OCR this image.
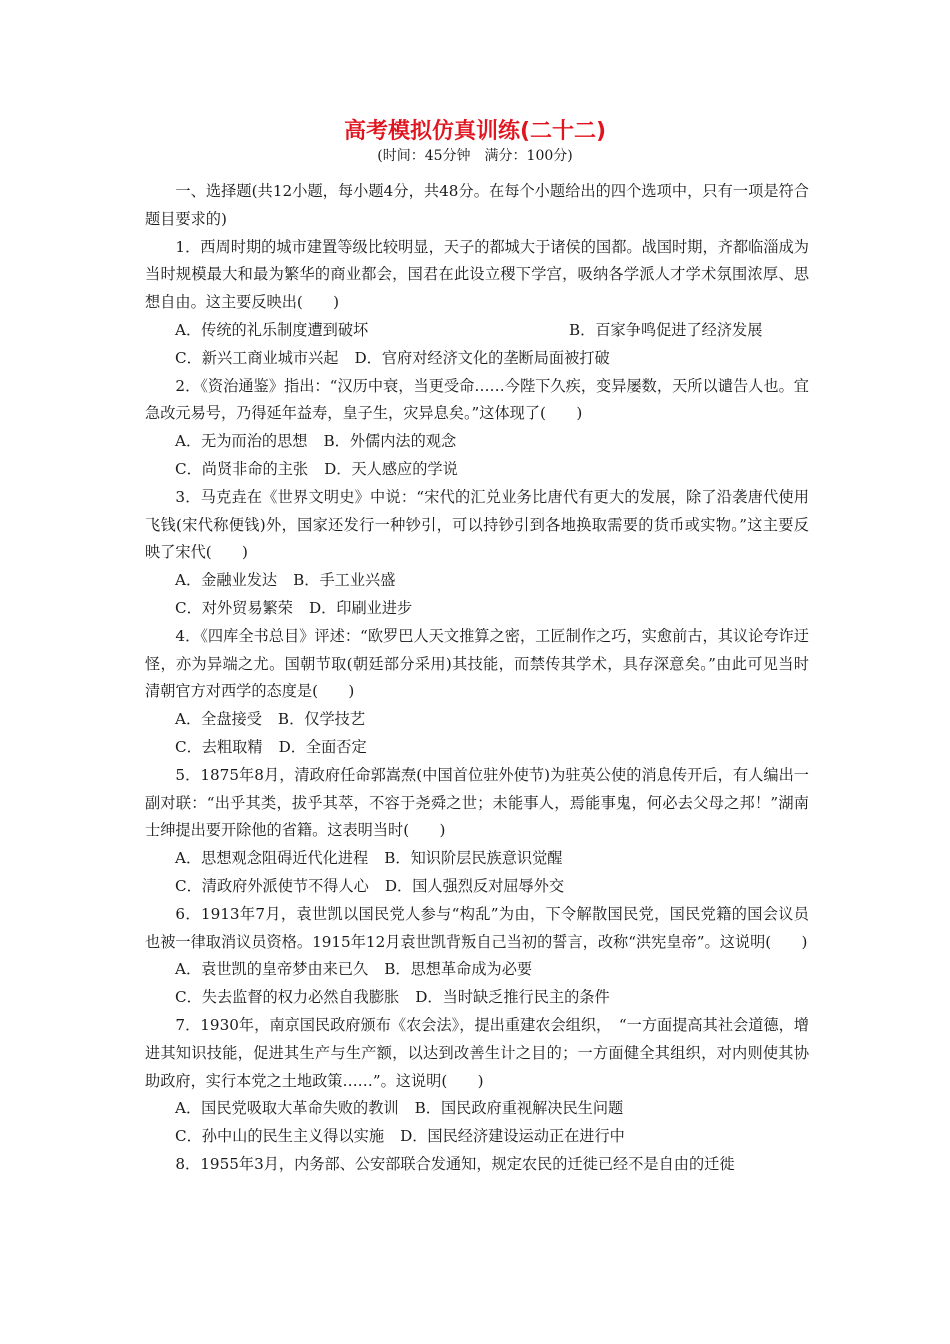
高考模拟仿真训练(二十二)
(时间：45分钟　满分：100分)

一、选择题(共12小题，每小题4分，共48分。在每个小题给出的四个选项中，只有一项是符合题目要求的)

1．西周时期的城市建置等级比较明显，天子的都城大于诸侯的国都。战国时期，齐都临淄成为当时规模最大和最为繁华的商业都会，国君在此设立稷下学宫，吸纳各学派人才学术氛围浓厚、思想自由。这主要反映出(　　)

A．传统的礼乐制度遭到破坏	B．百家争鸣促进了经济发展

C．新兴工商业城市兴起 D．官府对经济文化的垄断局面被打破

2．《资治通鉴》指出：“汉历中衰，当更受命……今陛下久疾，变异屡数，天所以谴告人也。宜急改元易号，乃得延年益寿，皇子生，灾异息矣。”这体现了(　　)

A．无为而治的思想 B．外儒内法的观念

C．尚贤非命的主张 D．天人感应的学说

3．马克垚在《世界文明史》中说：“宋代的汇兑业务比唐代有更大的发展，除了沿袭唐代使用飞钱(宋代称便钱)外，国家还发行一种钞引，可以持钞引到各地换取需要的货币或实物。”这主要反映了宋代(　　)

A．金融业发达 B．手工业兴盛

C．对外贸易繁荣 D．印刷业进步

4．《四库全书总目》评述：“欧罗巴人天文推算之密，工匠制作之巧，实愈前古，其议论夸诈迂怪，亦为异端之尤。国朝节取(朝廷部分采用)其技能，而禁传其学术，具存深意矣。”由此可见当时清朝官方对西学的态度是(　　)

A．全盘接受 B．仅学技艺

C．去粗取精 D．全面否定

5．1875年8月，清政府任命郭嵩焘(中国首位驻外使节)为驻英公使的消息传开后，有人编出一副对联：“出乎其类，拔乎其萃，不容于尧舜之世；未能事人，焉能事鬼，何必去父母之邦！”湖南士绅提出要开除他的省籍。这表明当时(　　)

A．思想观念阻碍近代化进程 B．知识阶层民族意识觉醒

C．清政府外派使节不得人心 D．国人强烈反对屈辱外交

6．1913年7月，袁世凯以国民党人参与“构乱”为由，下令解散国民党，国民党籍的国会议员也被一律取消议员资格。1915年12月袁世凯背叛自己当初的誓言，改称“洪宪皇帝”。这说明(　　)

A．袁世凯的皇帝梦由来已久 B．思想革命成为必要

C．失去监督的权力必然自我膨胀 D．当时缺乏推行民主的条件

7．1930年，南京国民政府颁布《农会法》，提出重建农会组织，　“一方面提高其社会道德，增进其知识技能，促进其生产与生产额，以达到改善生计之目的；一方面健全其组织，对内则使其协助政府，实行本党之土地政策……”。这说明(　　)

A．国民党吸取大革命失败的教训 B．国民政府重视解决民生问题

C．孙中山的民生主义得以实施 D．国民经济建设运动正在进行中

8．1955年3月，内务部、公安部联合发通知，规定农民的迁徙已经不是自由的迁徙
